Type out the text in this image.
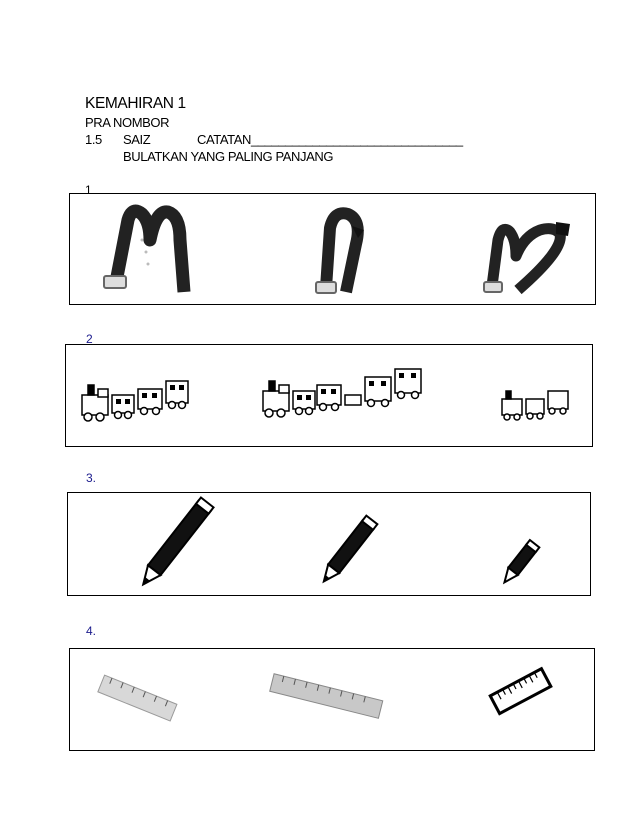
KEMAHIRAN 1
PRA NOMBOR
1.5 SAIZ	CATATAN_______________________________
BULATKAN YANG PALING PANJANG
1
2
3.
4.
